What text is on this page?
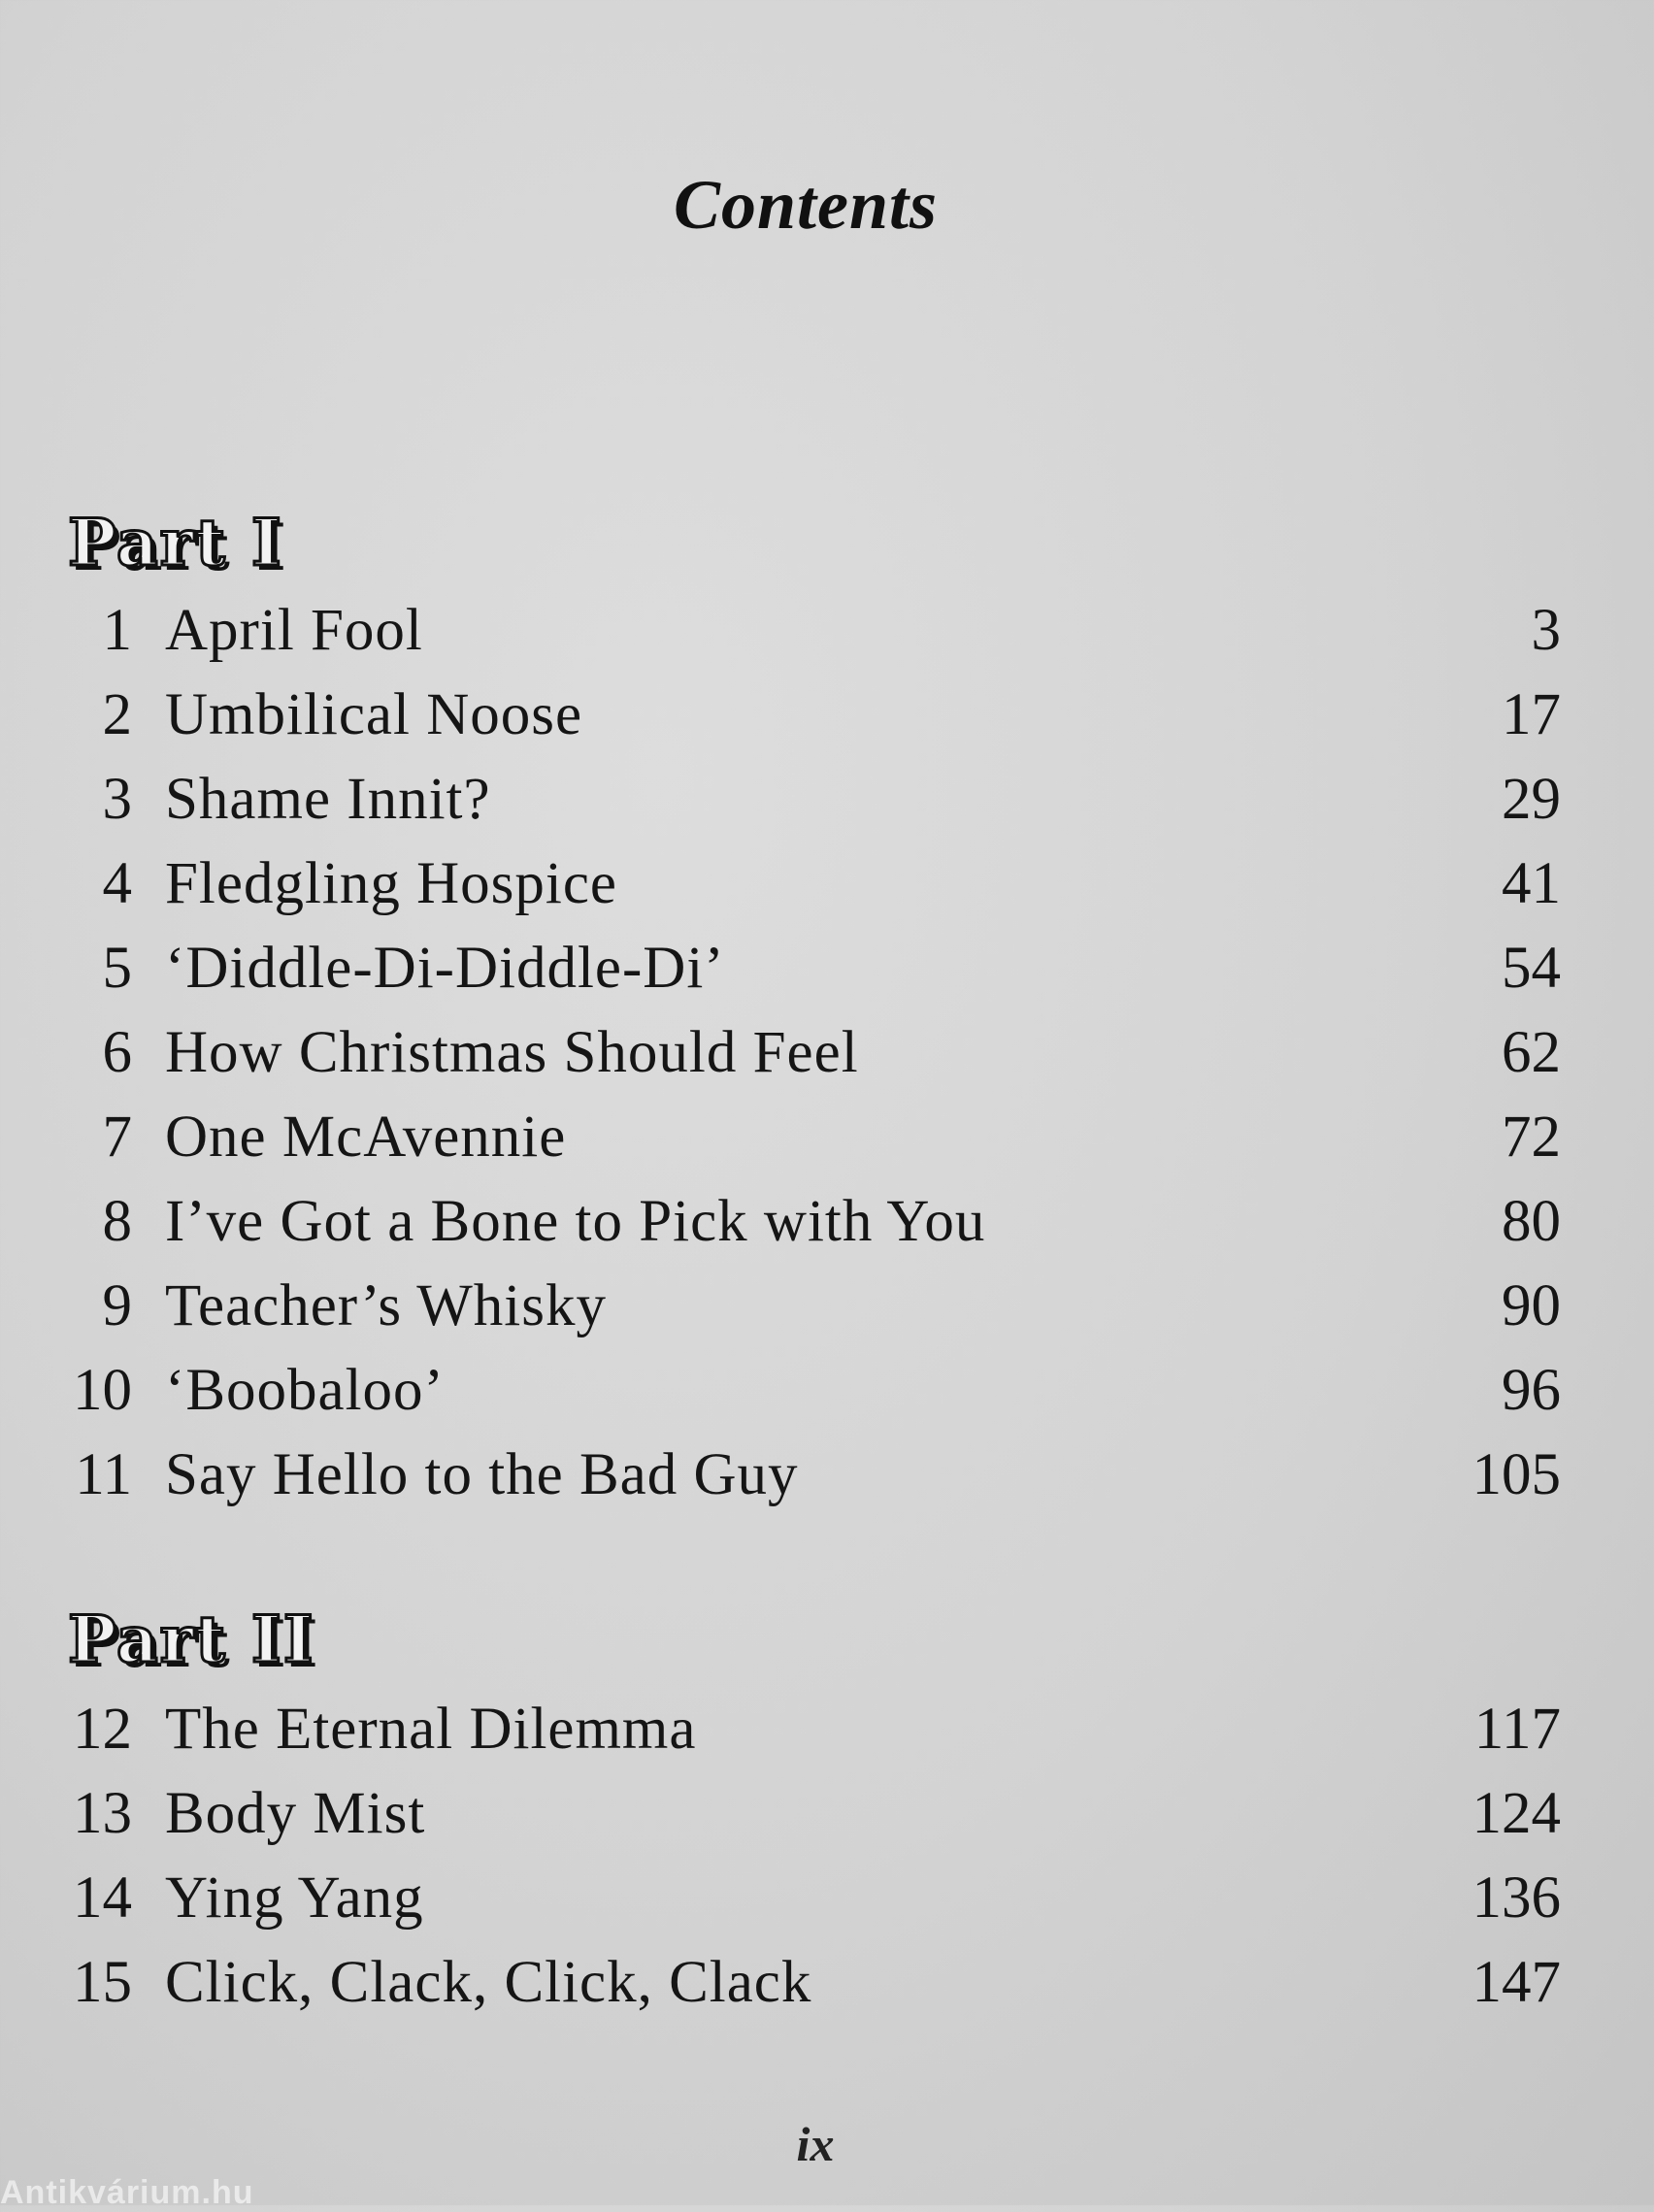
Contents
Part I
1 April Fool	3
2 Umbilical Noose	17
3 Shame Innit?	29
4 Fledgling Hospice	41
5 ‘Diddle-Di-Diddle-Di’	54
6 How Christmas Should Feel	62
7 One McAvennie	72
8 I’ve Got a Bone to Pick with You	80
9 Teacher’s Whisky	90
10 ‘Boobaloo’	96
11 Say Hello to the Bad Guy	105
Part II
12 The Eternal Dilemma	117
13 Body Mist	124
14 Ying Yang	136
15 Click, Clack, Click, Clack	147
ix
Antikvárium.hu
